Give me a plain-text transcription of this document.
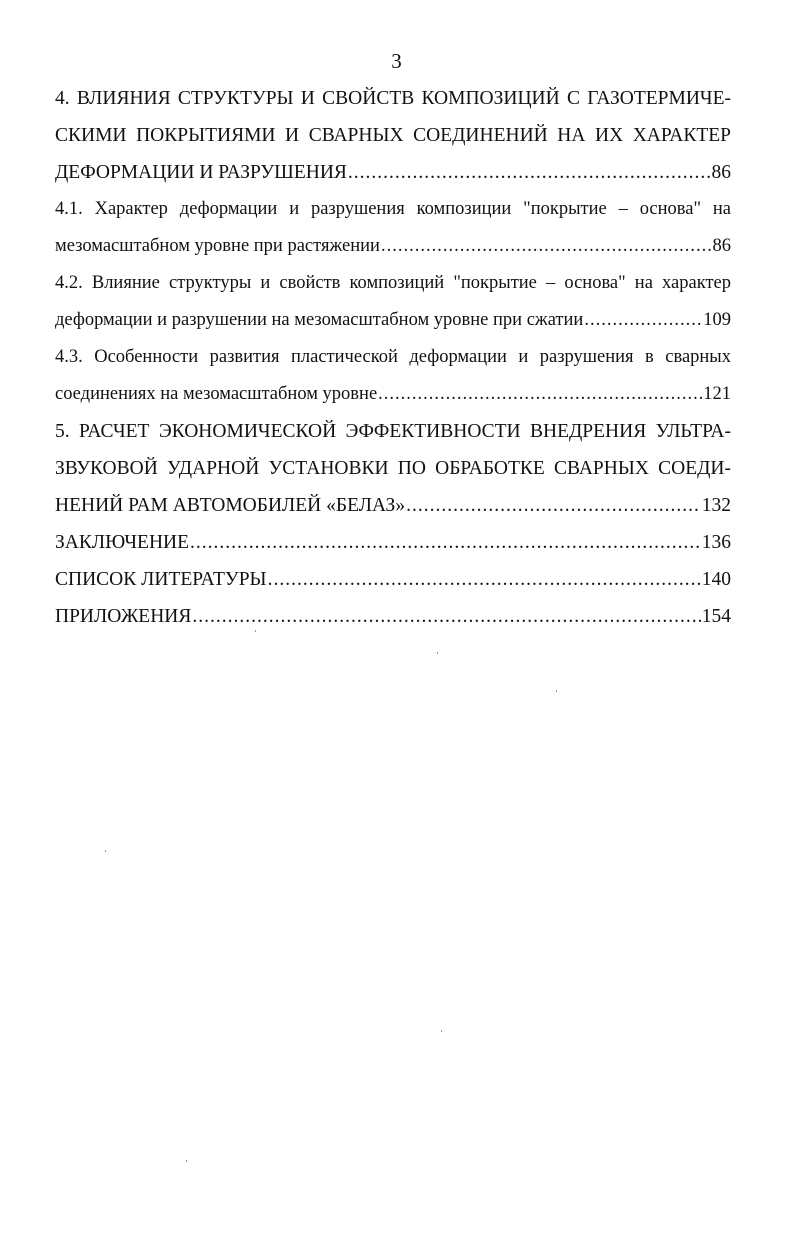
3
4. ВЛИЯНИЯ СТРУКТУРЫ И СВОЙСТВ КОМПОЗИЦИЙ С ГАЗОТЕРМИЧЕ-
СКИМИ ПОКРЫТИЯМИ И СВАРНЫХ СОЕДИНЕНИЙ НА ИХ ХАРАКТЕР
ДЕФОРМАЦИИ И РАЗРУШЕНИЯ .....	86
4.1. Характер деформации и разрушения композиции "покрытие – основа" на
мезомасштабном уровне при растяжении .....	86
4.2. Влияние структуры и свойств композиций "покрытие – основа" на характер
деформации и разрушении на мезомасштабном уровне при сжатии .....	109
4.3. Особенности развития пластической деформации и разрушения в сварных
соединениях на мезомасштабном уровне .....	121
5. РАСЧЕТ ЭКОНОМИЧЕСКОЙ ЭФФЕКТИВНОСТИ ВНЕДРЕНИЯ УЛЬТРА-
ЗВУКОВОЙ УДАРНОЙ УСТАНОВКИ ПО ОБРАБОТКЕ СВАРНЫХ СОЕДИ-
НЕНИЙ РАМ АВТОМОБИЛЕЙ «БЕЛАЗ» .....	132
ЗАКЛЮЧЕНИЕ .....	136
СПИСОК ЛИТЕРАТУРЫ .....	140
ПРИЛОЖЕНИЯ .....	154
